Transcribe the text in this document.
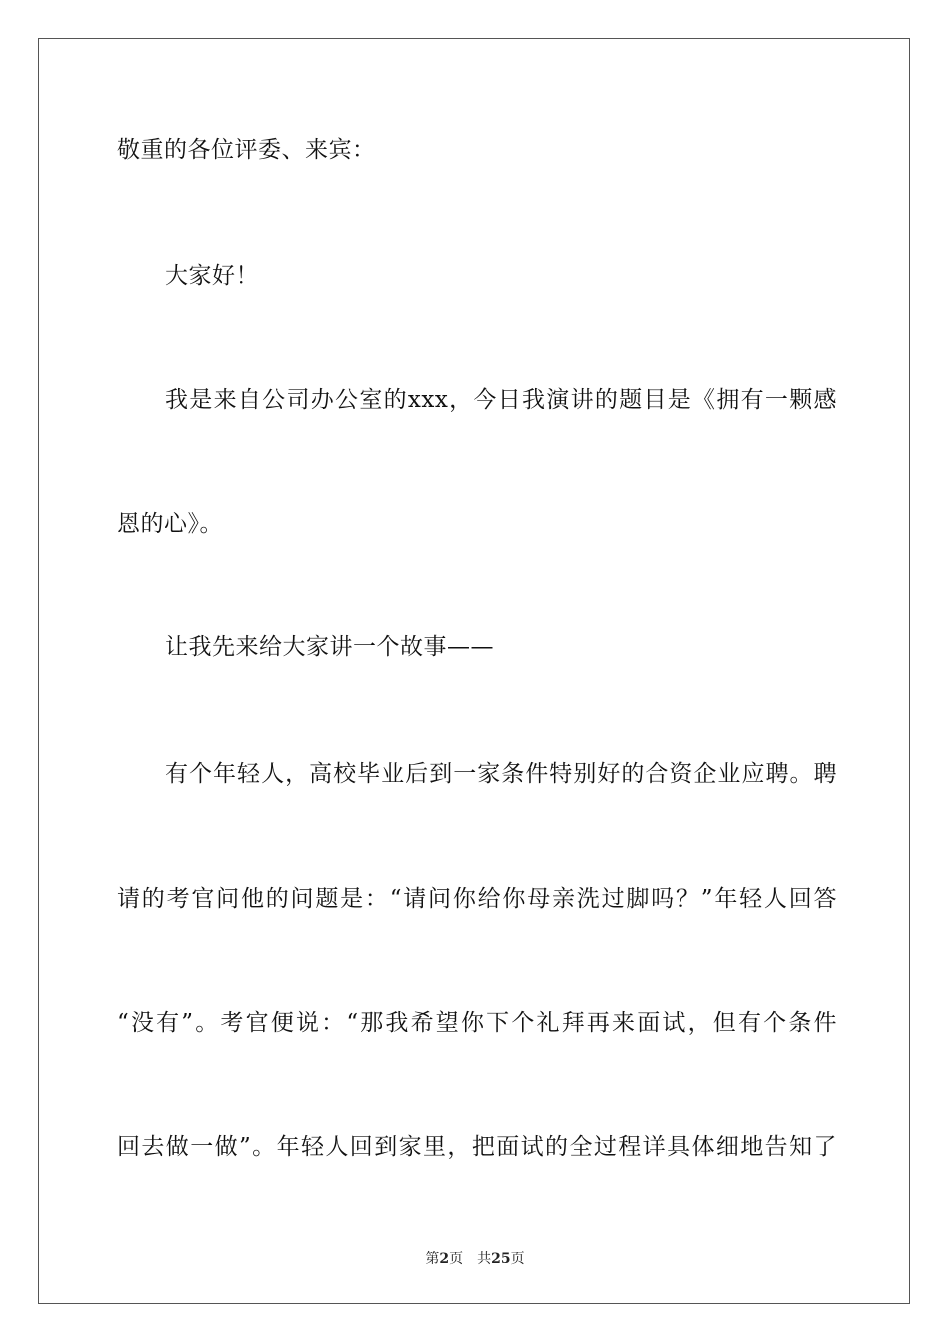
敬重的各位评委、来宾：
大家好！
我是来自公司办公室的xxx，今日我演讲的题目是《拥有一颗感
恩的心》。
让我先来给大家讲一个故事——
有个年轻人，高校毕业后到一家条件特别好的合资企业应聘。聘
请的考官问他的问题是：“请问你给你母亲洗过脚吗？”年轻人回答
“没有”。考官便说：“那我希望你下个礼拜再来面试，但有个条件
回去做一做”。年轻人回到家里，把面试的全过程详具体细地告知了
第2页 共25页
